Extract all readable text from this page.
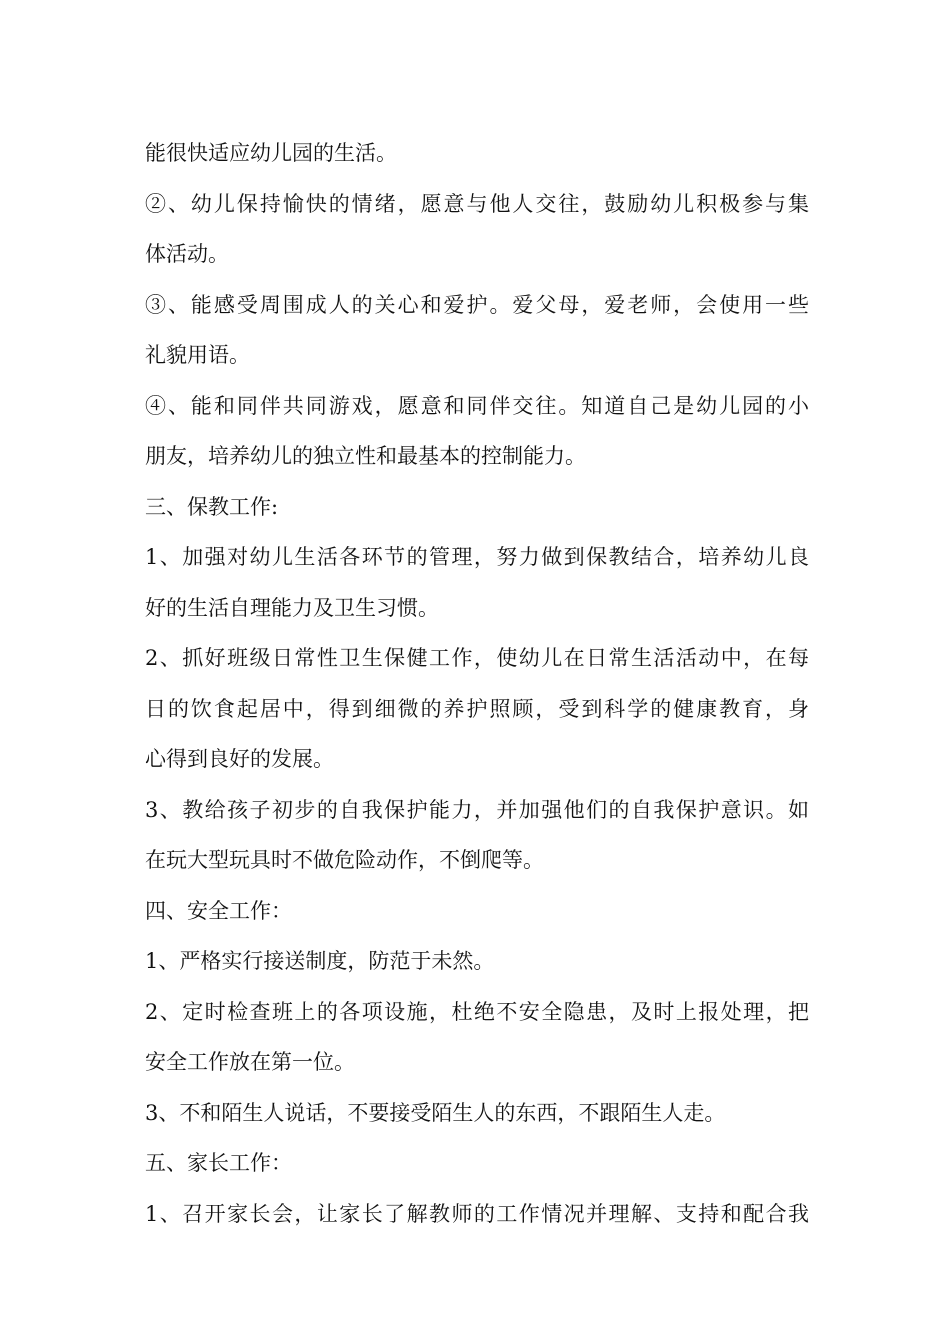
能很快适应幼儿园的生活。
②、幼儿保持愉快的情绪，愿意与他人交往，鼓励幼儿积极参与集
体活动。
③、能感受周围成人的关心和爱护。爱父母，爱老师，会使用一些
礼貌用语。
④、能和同伴共同游戏，愿意和同伴交往。知道自己是幼儿园的小
朋友，培养幼儿的独立性和最基本的控制能力。
三、保教工作:
1、加强对幼儿生活各环节的管理，努力做到保教结合，培养幼儿良
好的生活自理能力及卫生习惯。
2、抓好班级日常性卫生保健工作，使幼儿在日常生活活动中，在每
日的饮食起居中，得到细微的养护照顾，受到科学的健康教育，身
心得到良好的发展。
3、教给孩子初步的自我保护能力，并加强他们的自我保护意识。如
在玩大型玩具时不做危险动作，不倒爬等。
四、安全工作：
1、严格实行接送制度，防范于未然。
2、定时检查班上的各项设施，杜绝不安全隐患，及时上报处理，把
安全工作放在第一位。
3、不和陌生人说话，不要接受陌生人的东西，不跟陌生人走。
五、家长工作：
1、召开家长会，让家长了解教师的工作情况并理解、支持和配合我
